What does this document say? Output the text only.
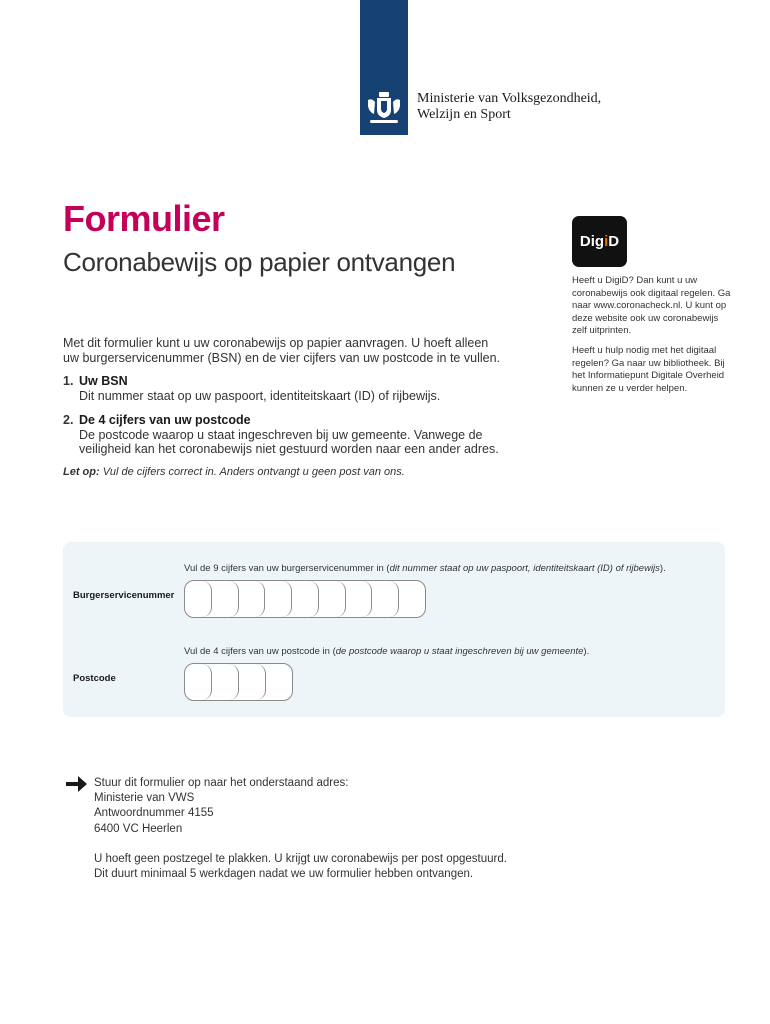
Ministerie van Volksgezondheid,
Welzijn en Sport
Formulier
Coronabewijs op papier ontvangen
Dig i D
Heeft u DigiD? Dan kunt u uw coronabewijs ook digitaal regelen. Ga naar www.coronacheck.nl. U kunt op deze website ook uw coronabewijs zelf uitprinten.
Heeft u hulp nodig met het digitaal regelen? Ga naar uw bibliotheek. Bij het Informatiepunt Digitale Overheid kunnen ze u verder helpen.
Met dit formulier kunt u uw coronabewijs op papier aanvragen. U hoeft alleen uw burgerservicenummer (BSN) en de vier cijfers van uw postcode in te vullen.
1. Uw BSN
Dit nummer staat op uw paspoort, identiteitskaart (ID) of rijbewijs.
2. De 4 cijfers van uw postcode
De postcode waarop u staat ingeschreven bij uw gemeente. Vanwege de veiligheid kan het coronabewijs niet gestuurd worden naar een ander adres.
Let op: Vul de cijfers correct in. Anders ontvangt u geen post van ons.
Vul de 9 cijfers van uw burgerservicenummer in (dit nummer staat op uw paspoort, identiteitskaart (ID) of rijbewijs).
Burgerservicenummer
Vul de 4 cijfers van uw postcode in (de postcode waarop u staat ingeschreven bij uw gemeente).
Postcode
Stuur dit formulier op naar het onderstaand adres:
Ministerie van VWS
Antwoordnummer 4155
6400 VC Heerlen
U hoeft geen postzegel te plakken. U krijgt uw coronabewijs per post opgestuurd.
Dit duurt minimaal 5 werkdagen nadat we uw formulier hebben ontvangen.
